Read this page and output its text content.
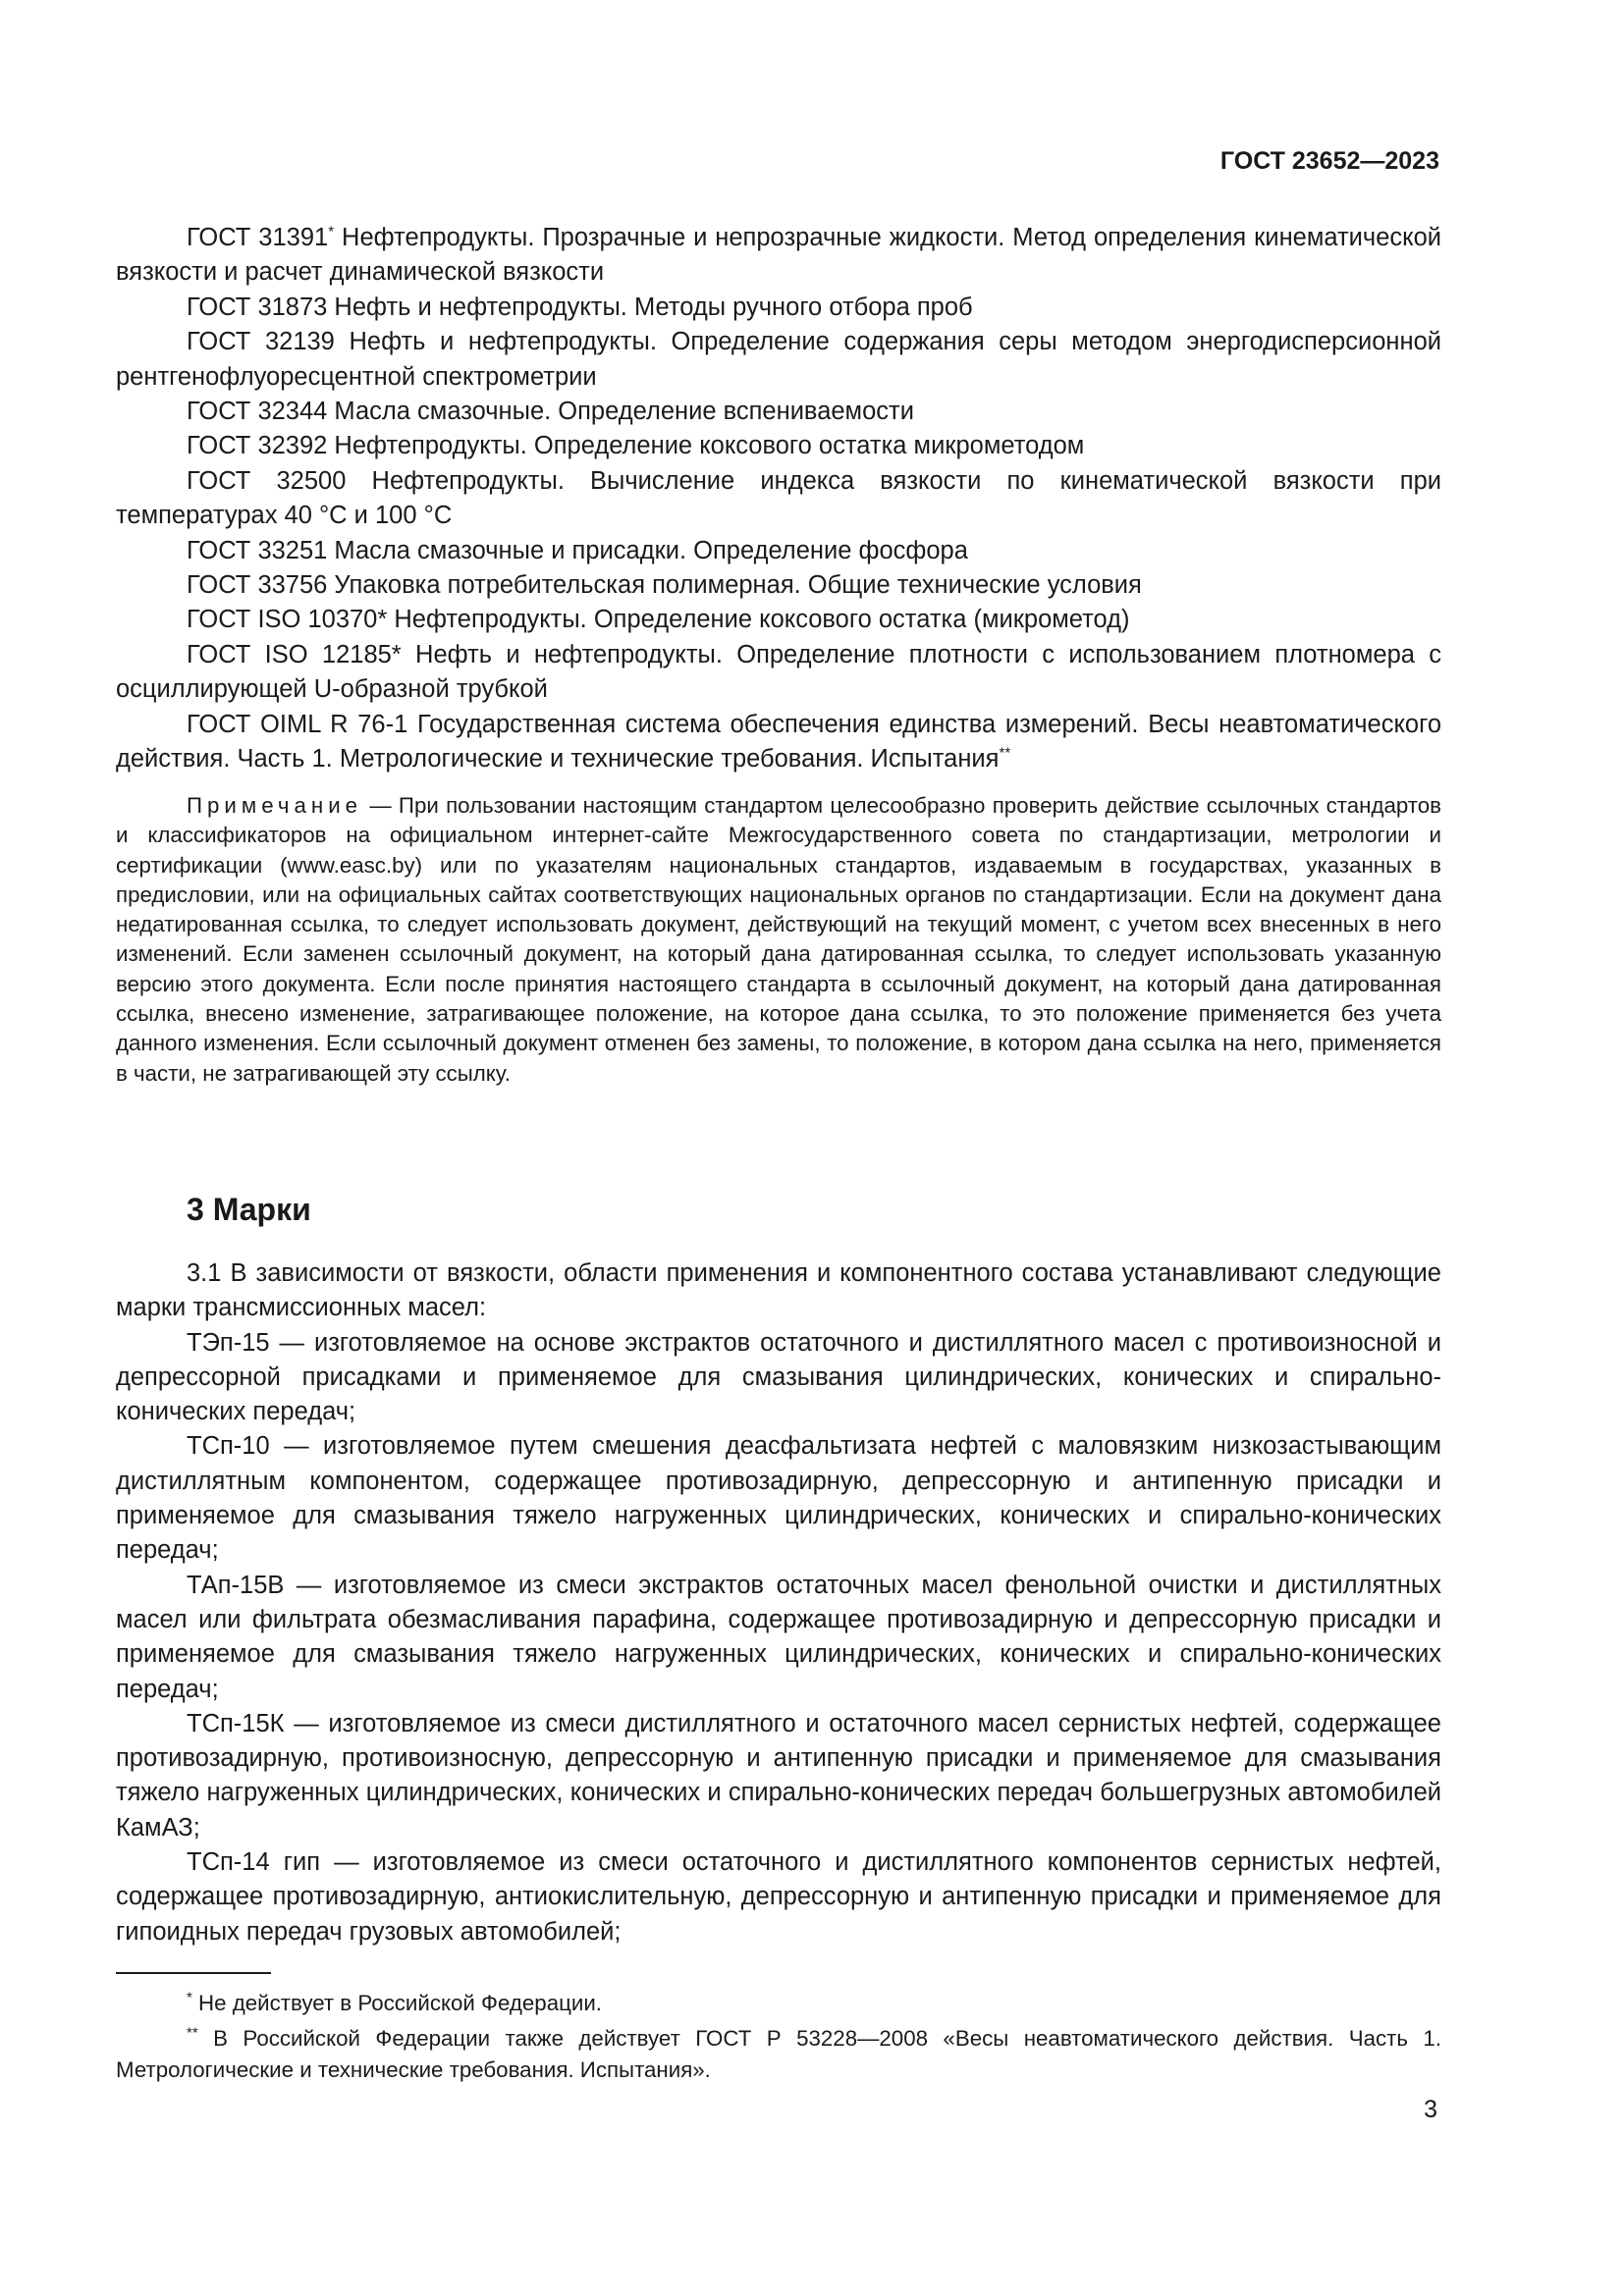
ГОСТ 23652—2023

ГОСТ 31391* Нефтепродукты. Прозрачные и непрозрачные жидкости. Метод определения кинематической вязкости и расчет динамической вязкости

ГОСТ 31873 Нефть и нефтепродукты. Методы ручного отбора проб

ГОСТ 32139 Нефть и нефтепродукты. Определение содержания серы методом энергодисперсионной рентгенофлуоресцентной спектрометрии

ГОСТ 32344 Масла смазочные. Определение вспениваемости

ГОСТ 32392 Нефтепродукты. Определение коксового остатка микрометодом

ГОСТ 32500 Нефтепродукты. Вычисление индекса вязкости по кинематической вязкости при температурах 40 °С и 100 °С

ГОСТ 33251 Масла смазочные и присадки. Определение фосфора

ГОСТ 33756 Упаковка потребительская полимерная. Общие технические условия

ГОСТ ISO 10370* Нефтепродукты. Определение коксового остатка (микрометод)

ГОСТ ISO 12185* Нефть и нефтепродукты. Определение плотности с использованием плотномера с осциллирующей U-образной трубкой

ГОСТ OIML R 76-1 Государственная система обеспечения единства измерений. Весы неавтоматического действия. Часть 1. Метрологические и технические требования. Испытания**

Примечание — При пользовании настоящим стандартом целесообразно проверить действие ссылочных стандартов и классификаторов на официальном интернет-сайте Межгосударственного совета по стандартизации, метрологии и сертификации (www.easc.by) или по указателям национальных стандартов, издаваемым в государствах, указанных в предисловии, или на официальных сайтах соответствующих национальных органов по стандартизации. Если на документ дана недатированная ссылка, то следует использовать документ, действующий на текущий момент, с учетом всех внесенных в него изменений. Если заменен ссылочный документ, на который дана датированная ссылка, то следует использовать указанную версию этого документа. Если после принятия настоящего стандарта в ссылочный документ, на который дана датированная ссылка, внесено изменение, затрагивающее положение, на которое дана ссылка, то это положение применяется без учета данного изменения. Если ссылочный документ отменен без замены, то положение, в котором дана ссылка на него, применяется в части, не затрагивающей эту ссылку.

3 Марки

3.1 В зависимости от вязкости, области применения и компонентного состава устанавливают следующие марки трансмиссионных масел:

ТЭп-15 — изготовляемое на основе экстрактов остаточного и дистиллятного масел с противоизносной и депрессорной присадками и применяемое для смазывания цилиндрических, конических и спирально-конических передач;

ТСп-10 — изготовляемое путем смешения деасфальтизата нефтей с маловязким низкозастывающим дистиллятным компонентом, содержащее противозадирную, депрессорную и антипенную присадки и применяемое для смазывания тяжело нагруженных цилиндрических, конических и спирально-конических передач;

ТАп-15В — изготовляемое из смеси экстрактов остаточных масел фенольной очистки и дистиллятных масел или фильтрата обезмасливания парафина, содержащее противозадирную и депрессорную присадки и применяемое для смазывания тяжело нагруженных цилиндрических, конических и спирально-конических передач;

ТСп-15К — изготовляемое из смеси дистиллятного и остаточного масел сернистых нефтей, содержащее противозадирную, противоизносную, депрессорную и антипенную присадки и применяемое для смазывания тяжело нагруженных цилиндрических, конических и спирально-конических передач большегрузных автомобилей КамАЗ;

ТСп-14 гип — изготовляемое из смеси остаточного и дистиллятного компонентов сернистых нефтей, содержащее противозадирную, антиокислительную, депрессорную и антипенную присадки и применяемое для гипоидных передач грузовых автомобилей;

* Не действует в Российской Федерации.

** В Российской Федерации также действует ГОСТ Р 53228—2008 «Весы неавтоматического действия. Часть 1. Метрологические и технические требования. Испытания».

3
